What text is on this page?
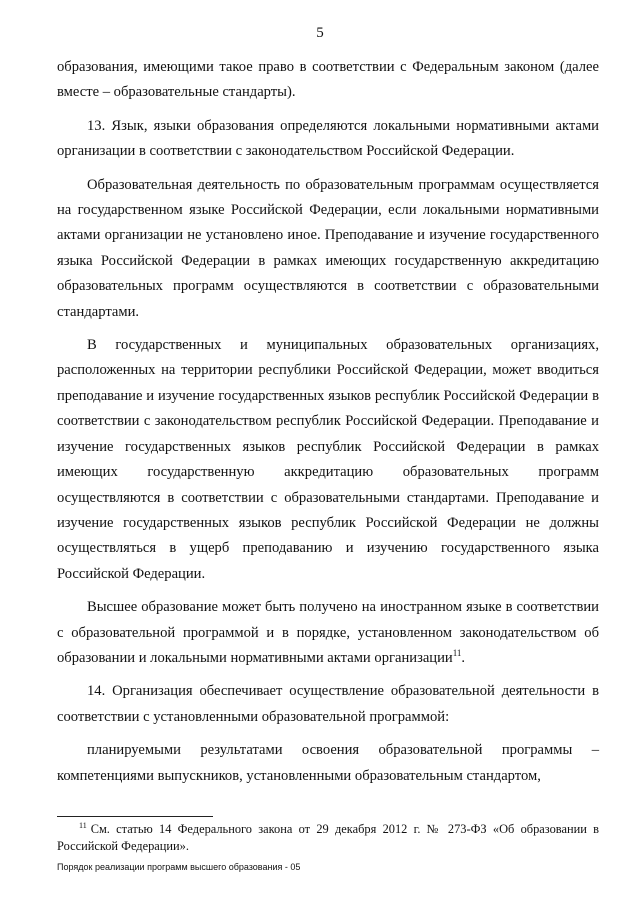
5

образования, имеющими такое право в соответствии с Федеральным законом (далее вместе – образовательные стандарты).

13. Язык, языки образования определяются локальными нормативными актами организации в соответствии с законодательством Российской Федерации.

Образовательная деятельность по образовательным программам осуществляется на государственном языке Российской Федерации, если локальными нормативными актами организации не установлено иное. Преподавание и изучение государственного языка Российской Федерации в рамках имеющих государственную аккредитацию образовательных программ осуществляются в соответствии с образовательными стандартами.

В государственных и муниципальных образовательных организациях, расположенных на территории республики Российской Федерации, может вводиться преподавание и изучение государственных языков республик Российской Федерации в соответствии с законодательством республик Российской Федерации. Преподавание и изучение государственных языков республик Российской Федерации в рамках имеющих государственную аккредитацию образовательных программ осуществляются в соответствии с образовательными стандартами. Преподавание и изучение государственных языков республик Российской Федерации не должны осуществляться в ущерб преподаванию и изучению государственного языка Российской Федерации.

Высшее образование может быть получено на иностранном языке в соответствии с образовательной программой и в порядке, установленном законодательством об образовании и локальными нормативными актами организации$^{11}$.

14. Организация обеспечивает осуществление образовательной деятельности в соответствии с установленными образовательной программой:

планируемыми результатами освоения образовательной программы – компетенциями выпускников, установленными образовательным стандартом,

$^{11}$ См. статью 14 Федерального закона от 29 декабря 2012 г. № 273-ФЗ «Об образовании в Российской Федерации».
Порядок реализации программ высшего образования - 05
